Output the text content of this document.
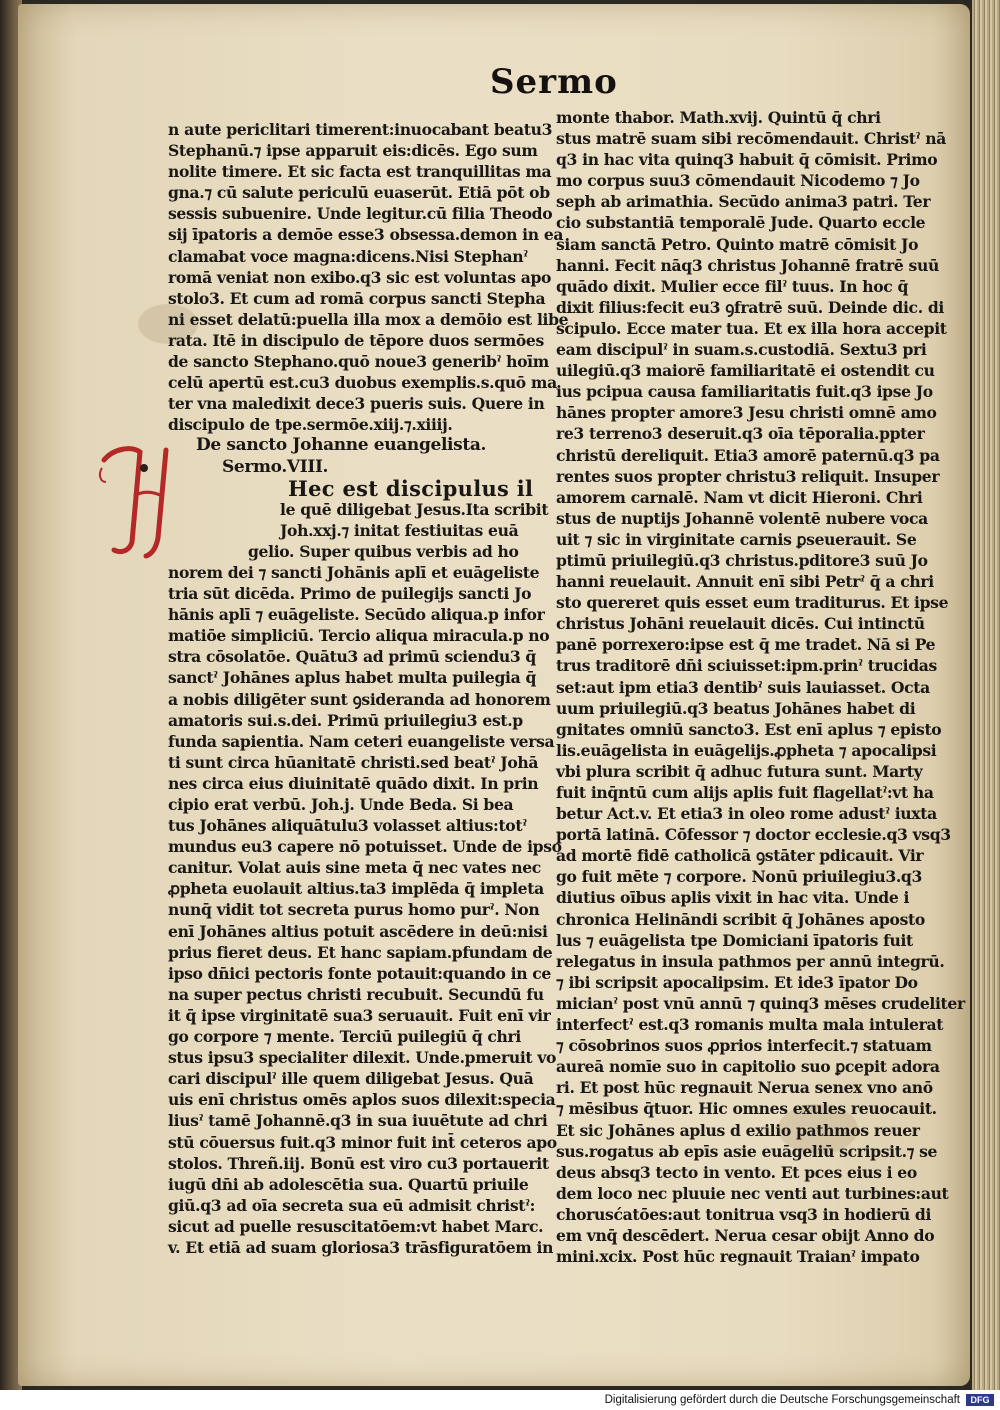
Sermo
n aute periclitari timerent:inuocabant beatu3
Stephanū.⁊ ipse apparuit eis:dicēs. Ego sum
nolite timere. Et sic facta est tranquillitas ma
gna.⁊ cū salute periculū euaserūt. Etiā pōt ob
sessis subuenire. Unde legitur.cū filia Theodo
sij īpatoris a demōe esse3 obsessa.demon in ea
clamabat voce magna:dicens.Nisi Stephanˀ
romā veniat non exibo.q3 sic est voluntas apo
stolo3. Et cum ad romā corpus sancti Stepha
ni esset delatū:puella illa mox a demōio est libe
rata. Itē in discipulo de tēpore duos sermōes
de sancto Stephano.quō noue3 generibˀ hoīm
celū apertū est.cu3 duobus exemplis.s.quō ma
ter vna maledixit dece3 pueris suis. Quere in
discipulo de tpe.sermōe.xiij.⁊.xiiij.
De sancto Johanne euangelista.
Sermo.VIII.
Hec est discipulus il
le quē diligebat Jesus.Ita scribit
Joh.xxj.⁊ initat festiuitas euā
gelio. Super quibus verbis ad ho
norem dei ⁊ sancti Johānis aplī et euāgeliste
tria sūt dicēda. Primo de puilegijs sancti Jo
hānis aplī ⁊ euāgeliste. Secūdo aliqua.p infor
matiōe simpliciū. Tercio aliqua miracula.p no
stra cōsolatōe. Quātu3 ad primū sciendu3 q̄
sanctˀ Johānes aplus habet multa puilegia q̄
a nobis diligēter sunt ꝯsideranda ad honorem
amatoris sui.s.dei. Primū priuilegiu3 est.p
funda sapientia. Nam ceteri euangeliste versa
ti sunt circa hūanitatē christi.sed beatˀ Johā
nes circa eius diuinitatē quādo dixit. In prin
cipio erat verbū. Joh.j. Unde Beda. Si bea
tus Johānes aliquātulu3 volasset altius:totˀ
mundus eu3 capere nō potuisset. Unde de ipso
canitur. Volat auis sine meta q̄ nec vates nec
ꝓpheta euolauit altius.ta3 implēda q̄ impleta
nunq̄ vidit tot secreta purus homo purˀ. Non
enī Johānes altius potuit ascēdere in deū:nisi
prius fieret deus. Et hanc sapiam.pfundam de
ipso dn̄ici pectoris fonte potauit:quando in ce
na super pectus christi recubuit. Secundū fu
it q̄ ipse virginitatē sua3 seruauit. Fuit enī vir
go corpore ⁊ mente. Terciū puilegiū q̄ chri
stus ipsu3 specialiter dilexit. Unde.pmeruit vo
cari discipulˀ ille quem diligebat Jesus. Quā
uis enī christus omēs aplos suos dilexit:specia
liusˀ tamē Johannē.q3 in sua iuuētute ad chri
stū cōuersus fuit.q3 minor fuit int̄ ceteros apo
stolos. Threñ.iij. Bonū est viro cu3 portauerit
iugū dn̄i ab adolescētia sua. Quartū priuile
giū.q3 ad oīa secreta sua eū admisit christˀ:
sicut ad puelle resuscitatōem:vt habet Marc.
v. Et etiā ad suam gloriosa3 trāsfiguratōem in
monte thabor. Math.xvij. Quintū q̄ chri
stus matrē suam sibi recōmendauit. Christˀ nā
q3 in hac vita quinq3 habuit q̄ cōmisit. Primo
mo corpus suu3 cōmendauit Nicodemo ⁊ Jo
seph ab arimathia. Secūdo anima3 patri. Ter
cio substantiā temporalē Jude. Quarto eccle
siam sanctā Petro. Quinto matrē cōmisit Jo
hanni. Fecit nāq3 christus Johannē fratrē suū
quādo dixit. Mulier ecce filˀ tuus. In hoc q̄
dixit filius:fecit eu3 ꝯfratrē suū. Deinde dic. di
scipulo. Ecce mater tua. Et ex illa hora accepit
eam discipulˀ in suam.s.custodiā. Sextu3 pri
uilegiū.q3 maiorē familiaritatē ei ostendit cu
ius pcipua causa familiaritatis fuit.q3 ipse Jo
hānes propter amore3 Jesu christi omnē amo
re3 terreno3 deseruit.q3 oīa tēporalia.ppter
christū dereliquit. Etia3 amorē paternū.q3 pa
rentes suos propter christu3 reliquit. Insuper
amorem carnalē. Nam vt dicit Hieroni. Chri
stus de nuptijs Johannē volentē nubere voca
uit ⁊ sic in virginitate carnis ꝑseuerauit. Se
ptimū priuilegiū.q3 christus.pditore3 suū Jo
hanni reuelauit. Annuit enī sibi Petrˀ q̄ a chri
sto quereret quis esset eum traditurus. Et ipse
christus Johāni reuelauit dicēs. Cui intinctū
panē porrexero:ipse est q̄ me tradet. Nā si Pe
trus traditorē dn̄i sciuisset:ipm.prinˀ trucidas
set:aut ipm etia3 dentibˀ suis lauiasset. Octa
uum priuilegiū.q3 beatus Johānes habet di
gnitates omniū sancto3. Est enī aplus ⁊ episto
lis.euāgelista in euāgelijs.ꝓpheta ⁊ apocalipsi
vbi plura scribit q̄ adhuc futura sunt. Marty
fuit inq̄ntū cum alijs aplis fuit flagellatˀ:vt ha
betur Act.v. Et etia3 in oleo rome adustˀ iuxta
portā latinā. Cōfessor ⁊ doctor ecclesie.q3 vsq3
ad mortē fidē catholicā ꝯstāter pdicauit. Vir
go fuit mēte ⁊ corpore. Nonū priuilegiu3.q3
diutius oībus aplis vixit in hac vita. Unde i
chronica Helināndi scribit q̄ Johānes aposto
lus ⁊ euāgelista tpe Domiciani īpatoris fuit
relegatus in insula pathmos per annū integrū.
⁊ ibi scripsit apocalipsim. Et ide3 īpator Do
micianˀ post vnū annū ⁊ quinq3 mēses crudeliter
interfectˀ est.q3 romanis multa mala intulerat
⁊ cōsobrinos suos ꝓprios interfecit.⁊ statuam
aureā nomīe suo in capitolio suo ꝑcepit adora
ri. Et post hūc regnauit Nerua senex vno anō
⁊ mēsibus q̄tuor. Hic omnes exules reuocauit.
Et sic Johānes aplus d exilio pathmos reuer
sus.rogatus ab epīs asie euāgeliū scripsit.⁊ se
deus absq3 tecto in vento. Et pces eius i eo
dem loco nec pluuie nec venti aut turbines:aut
chorusćatōes:aut tonitrua vsq3 in hodierū di
em vnq̄ descēdert. Nerua cesar obijt Anno do
mini.xcix. Post hūc regnauit Traianˀ impato
Digitalisierung gefördert durch die Deutsche Forschungsgemeinschaft	DFG
